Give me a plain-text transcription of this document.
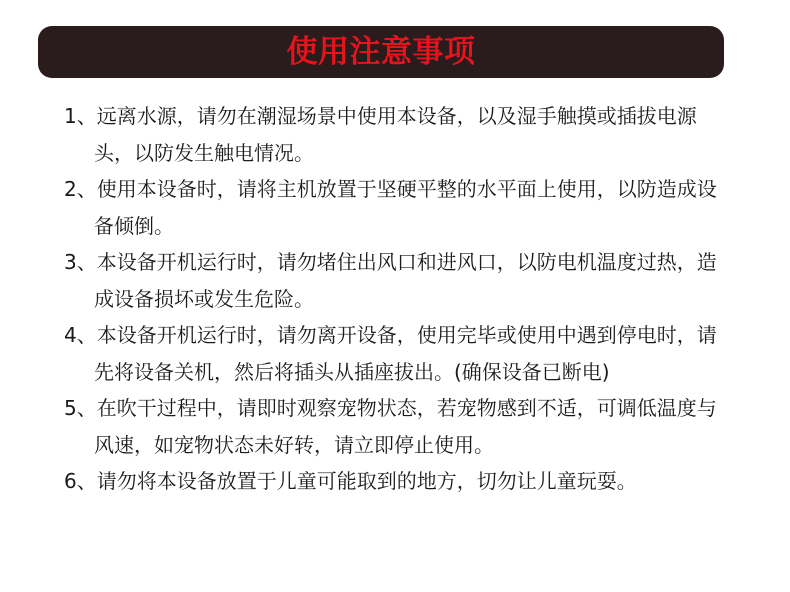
使用注意事项
1、远离水源，请勿在潮湿场景中使用本设备，以及湿手触摸或插拔电源头，以防发生触电情况。
2、使用本设备时，请将主机放置于坚硬平整的水平面上使用，以防造成设备倾倒。
3、本设备开机运行时，请勿堵住出风口和进风口，以防电机温度过热，造成设备损坏或发生危险。
4、本设备开机运行时，请勿离开设备，使用完毕或使用中遇到停电时，请先将设备关机，然后将插头从插座拔出。(确保设备已断电)
5、在吹干过程中，请即时观察宠物状态，若宠物感到不适，可调低温度与风速，如宠物状态未好转，请立即停止使用。
6、请勿将本设备放置于儿童可能取到的地方，切勿让儿童玩耍。
